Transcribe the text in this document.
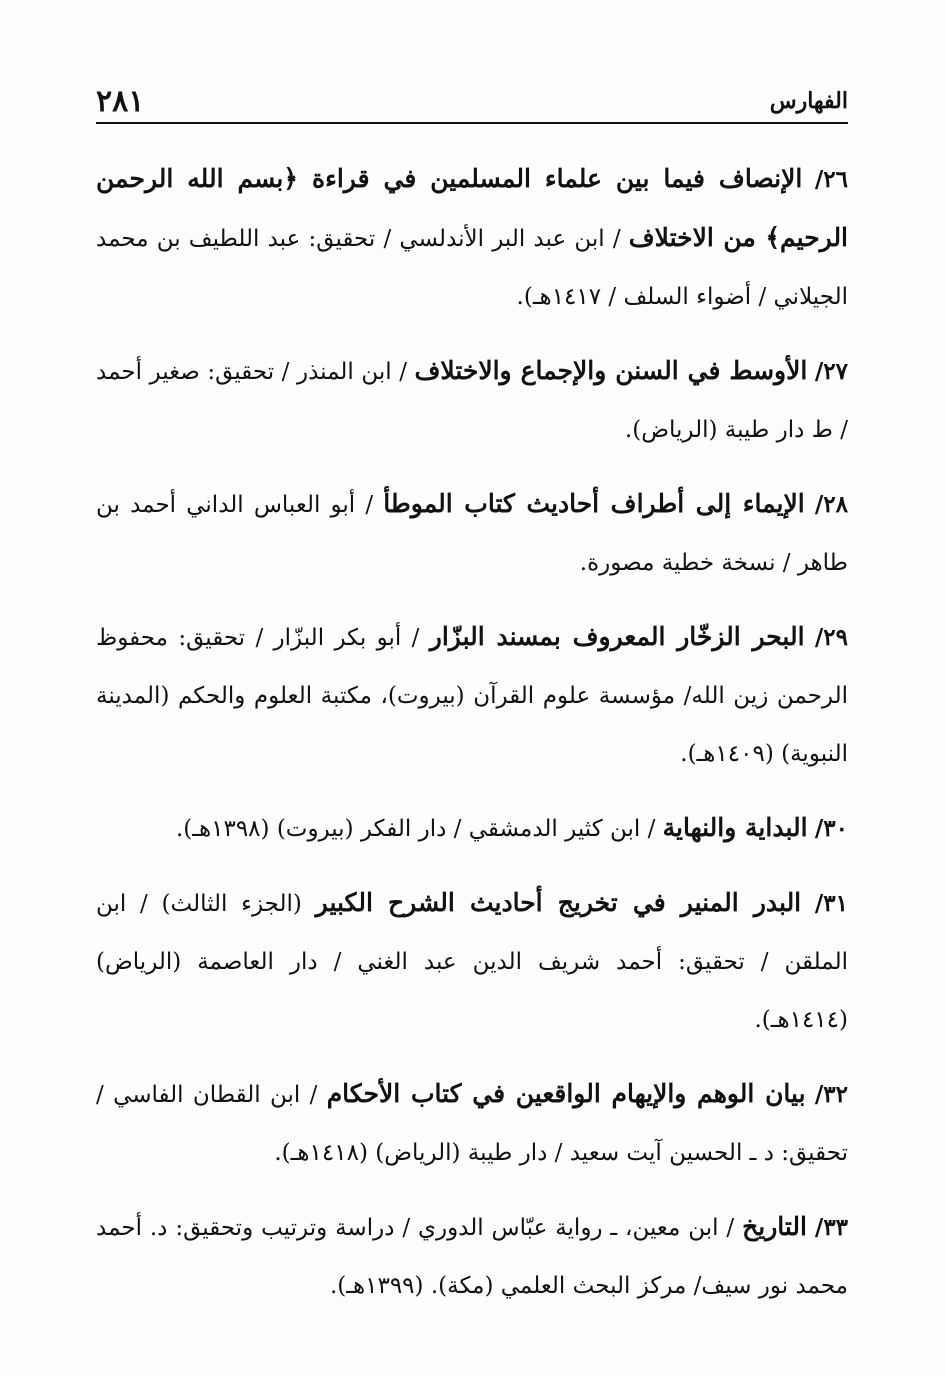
الفهارس
٢٨١

٢٦/ الإنصاف فيما بين علماء المسلمين في قراءة ﴿بسم الله الرحمن الرحيم﴾ من الاختلاف / ابن عبد البر الأندلسي / تحقيق: عبد اللطيف بن محمد الجيلاني / أضواء السلف / ١٤١٧هـ).

٢٧/ الأوسط في السنن والإجماع والاختلاف / ابن المنذر / تحقيق: صغير أحمد / ط دار طيبة (الرياض).

٢٨/ الإيماء إلى أطراف أحاديث كتاب الموطأ / أبو العباس الداني أحمد بن طاهر / نسخة خطية مصورة.

٢٩/ البحر الزخّار المعروف بمسند البزّار / أبو بكر البزّار / تحقيق: محفوظ الرحمن زين الله/ مؤسسة علوم القرآن (بيروت)، مكتبة العلوم والحكم (المدينة النبوية) (١٤٠٩هـ).

٣٠/ البداية والنهاية / ابن كثير الدمشقي / دار الفكر (بيروت) (١٣٩٨هـ).

٣١/ البدر المنير في تخريج أحاديث الشرح الكبير (الجزء الثالث) / ابن الملقن / تحقيق: أحمد شريف الدين عبد الغني / دار العاصمة (الرياض) (١٤١٤هـ).

٣٢/ بيان الوهم والإيهام الواقعين في كتاب الأحكام / ابن القطان الفاسي / تحقيق: د ـ الحسين آيت سعيد / دار طيبة (الرياض) (١٤١٨هـ).

٣٣/ التاريخ / ابن معين، ـ رواية عبّاس الدوري / دراسة وترتيب وتحقيق: د. أحمد محمد نور سيف/ مركز البحث العلمي (مكة). (١٣٩٩هـ).
